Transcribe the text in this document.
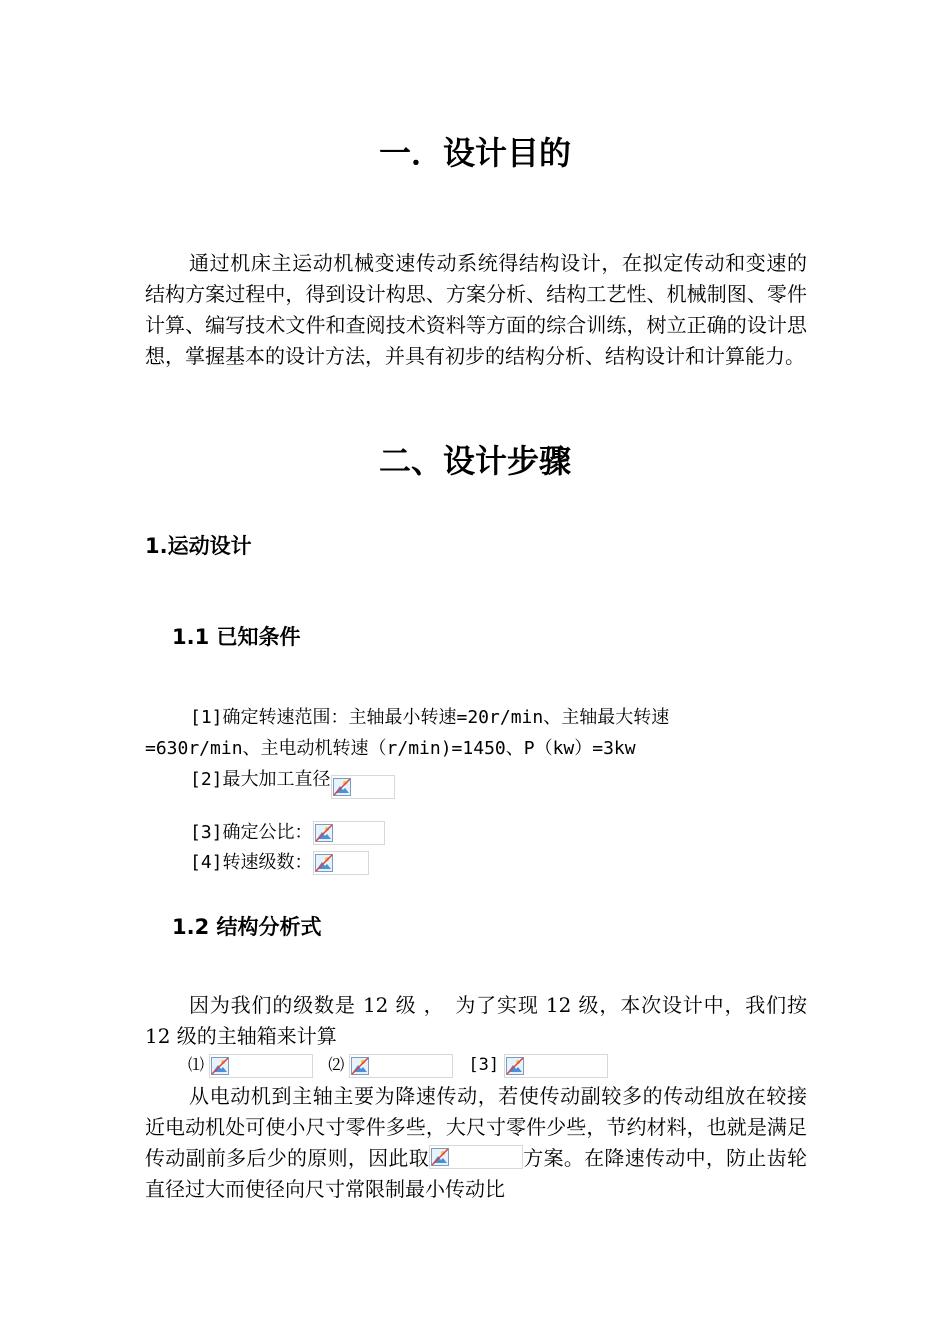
一．设计目的

通过机床主运动机械变速传动系统得结构设计，在拟定传动和变速的结构方案过程中，得到设计构思、方案分析、结构工艺性、机械制图、零件计算、编写技术文件和查阅技术资料等方面的综合训练，树立正确的设计思想，掌握基本的设计方法，并具有初步的结构分析、结构设计和计算能力。

二、设计步骤
1.运动设计
1.1 已知条件
[1]确定转速范围：主轴最小转速=20r/min、主轴最大转速
=630r/min、主电动机转速（r/min)=1450、P（kw）=3kw
[2]最大加工直径
[3]确定公比：
[4]转速级数：
1.2 结构分析式

因为我们的级数是 12 级 ，　为了实现 12 级，本次设计中，我们按 12 级的主轴箱来计算

⑴	⑵	[3]

从电动机到主轴主要为降速传动，若使传动副较多的传动组放在较接近电动机处可使小尺寸零件多些，大尺寸零件少些，节约材料，也就是满足传动副前多后少的原则，因此取	方案。在降速传动中，防止齿轮直径过大而使径向尺寸常限制最小传动比
